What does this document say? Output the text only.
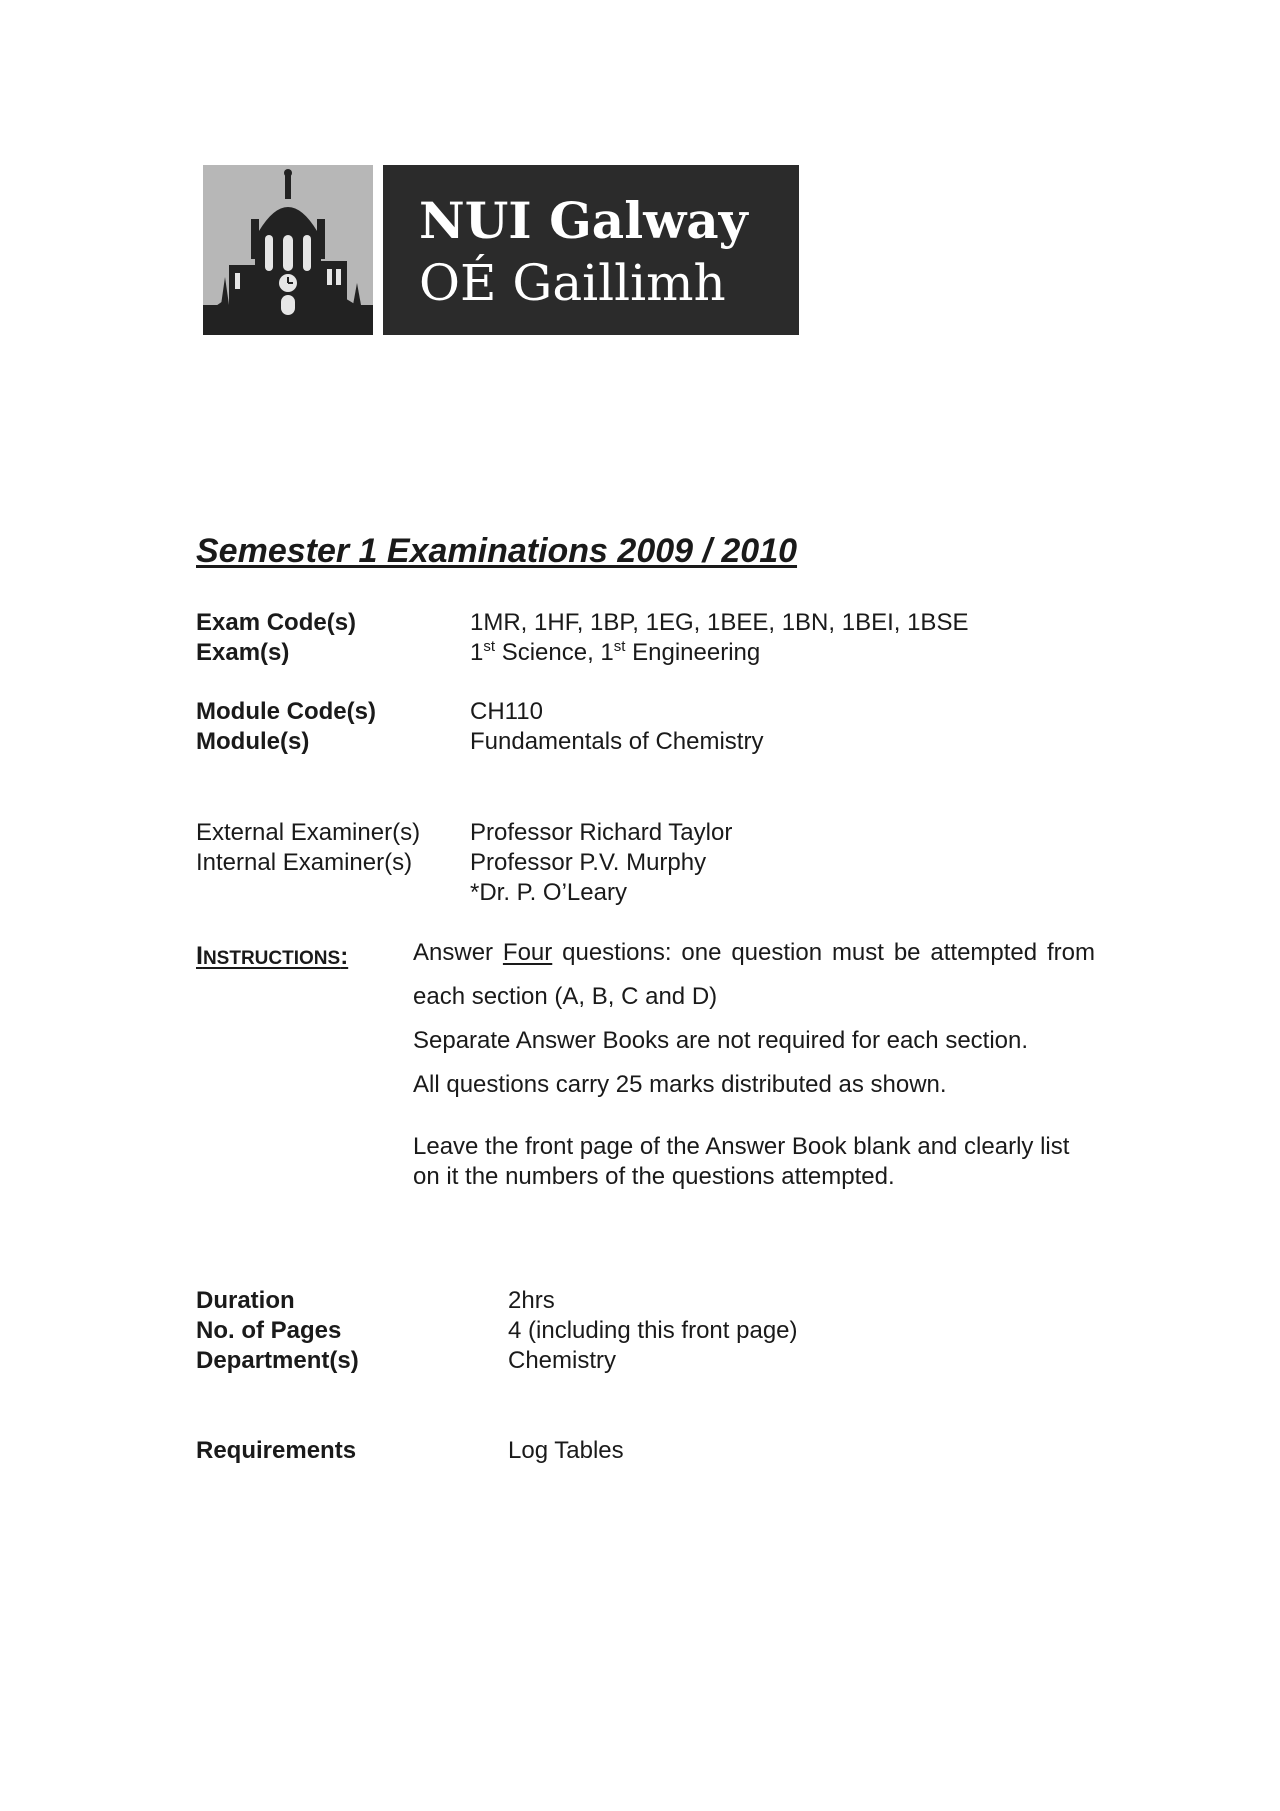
NUI Galway
OÉ Gaillimh
Semester 1 Examinations 2009 / 2010
Exam Code(s)	1MR, 1HF, 1BP, 1EG, 1BEE, 1BN, 1BEI, 1BSE
Exam(s)	1st Science, 1st Engineering
Module Code(s)	CH110
Module(s)	Fundamentals of Chemistry
External Examiner(s) Professor Richard Taylor
Internal Examiner(s) Professor P.V. Murphy
*Dr. P. O’Leary
INSTRUCTIONS:	Answer Four questions: one question must be attempted from each section (A, B, C and D)
Separate Answer Books are not required for each section.
All questions carry 25 marks distributed as shown.
Leave the front page of the Answer Book blank and clearly list on it the numbers of the questions attempted.
Duration	2hrs
No. of Pages	4 (including this front page)
Department(s)	Chemistry
Requirements	Log Tables
